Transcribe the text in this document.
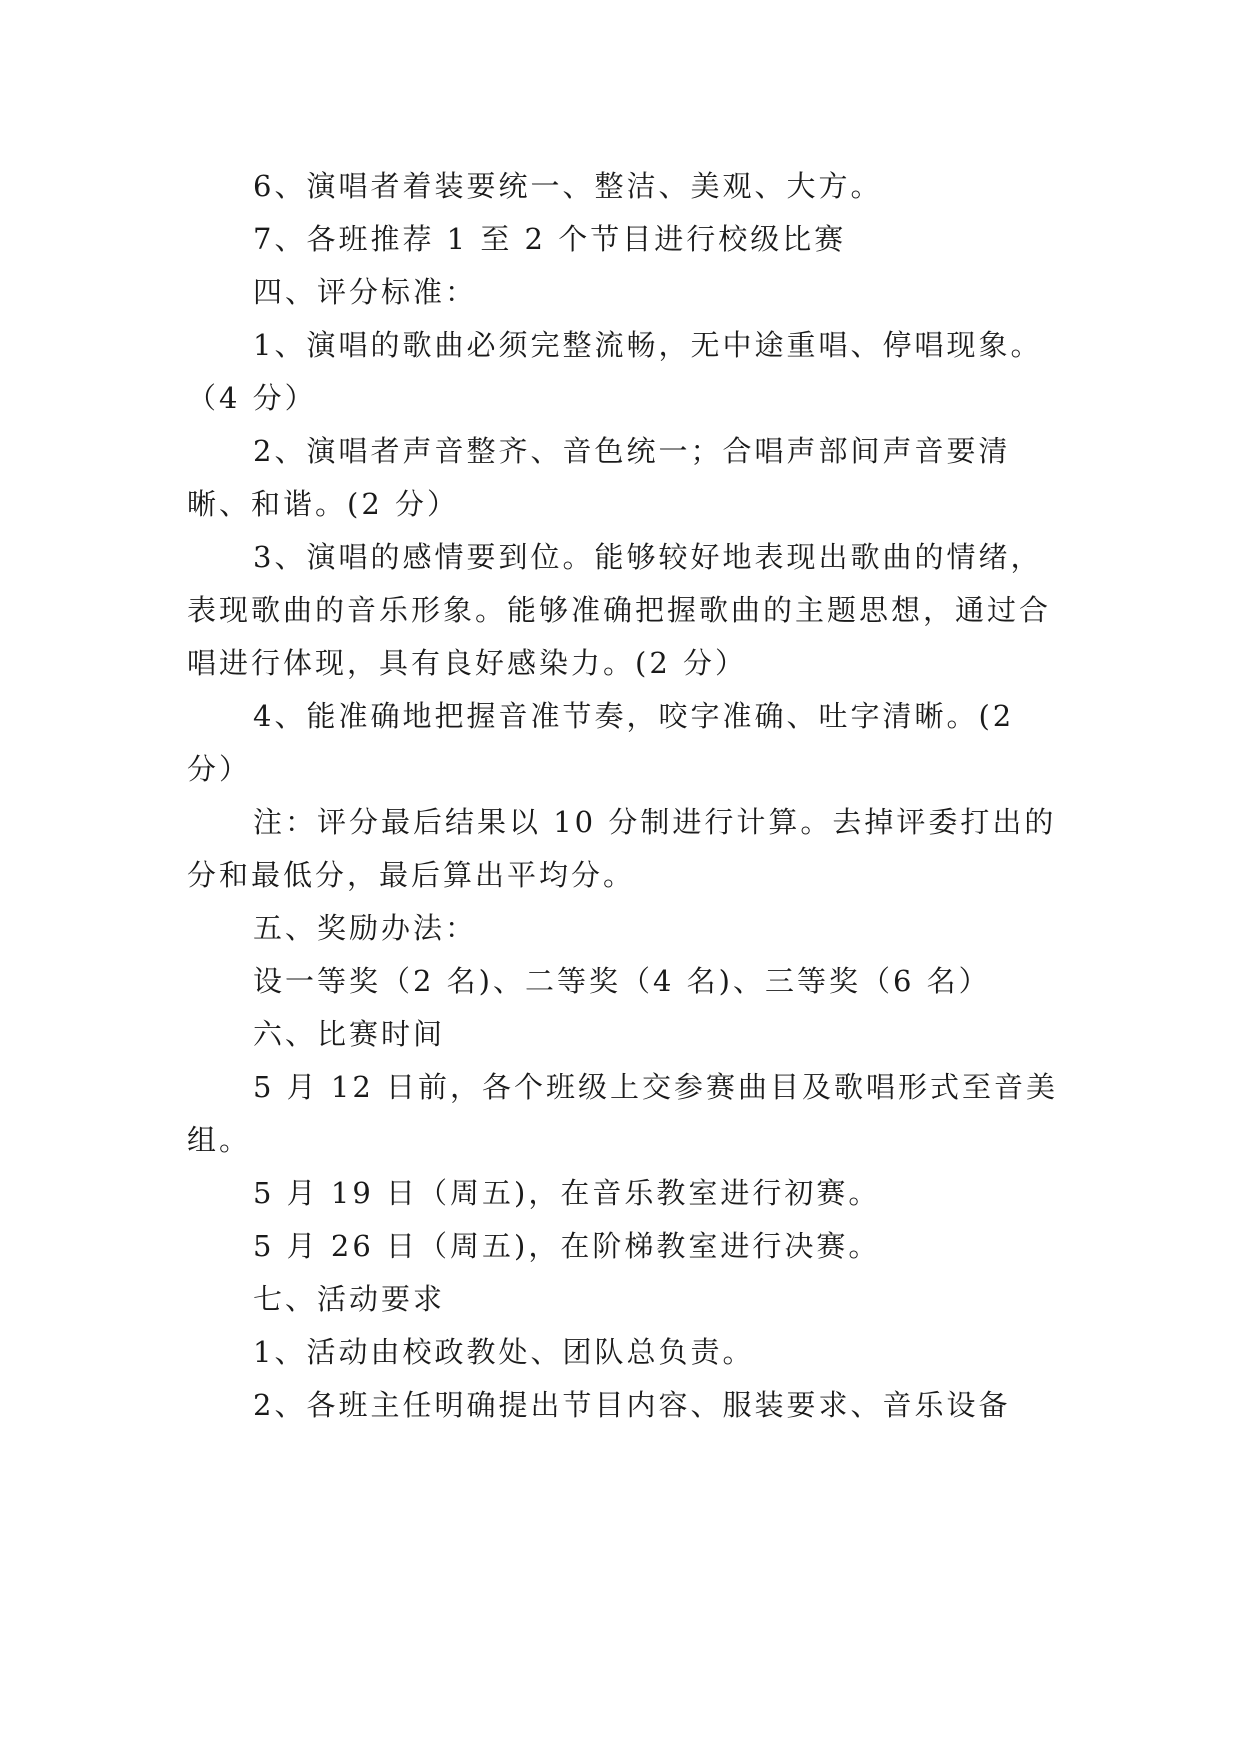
6、演唱者着装要统一、整洁、美观、大方。

7、各班推荐 1 至 2 个节目进行校级比赛

四、评分标准：

1、演唱的歌曲必须完整流畅，无中途重唱、停唱现象。（4 分）

2、演唱者声音整齐、音色统一；合唱声部间声音要清晰、和谐。(2 分）

3、演唱的感情要到位。能够较好地表现出歌曲的情绪，表现歌曲的音乐形象。能够准确把握歌曲的主题思想，通过合唱进行体现，具有良好感染力。(2 分）

4、能准确地把握音准节奏，咬字准确、吐字清晰。(2 分）

注：评分最后结果以 10 分制进行计算。去掉评委打出的分和最低分，最后算出平均分。

五、奖励办法：

设一等奖（2 名)、二等奖（4 名)、三等奖（6 名）

六、比赛时间

5 月 12 日前，各个班级上交参赛曲目及歌唱形式至音美组。

5 月 19 日（周五)，在音乐教室进行初赛。

5 月 26 日（周五)，在阶梯教室进行决赛。

七、活动要求

1、活动由校政教处、团队总负责。

2、各班主任明确提出节目内容、服装要求、音乐设备
